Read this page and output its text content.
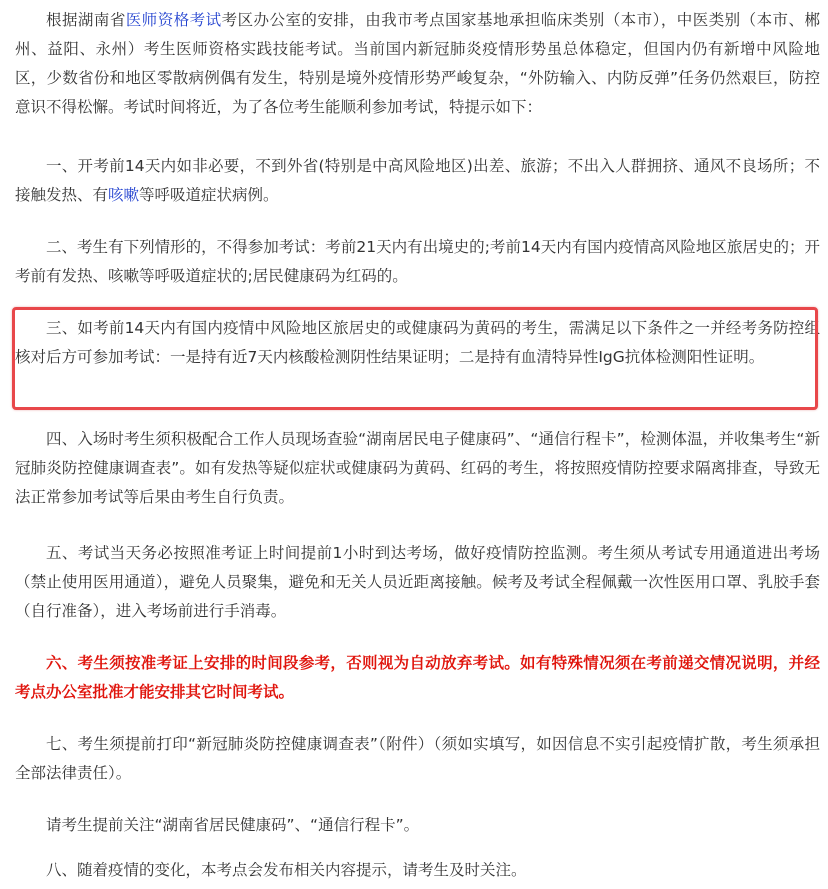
根据湖南省医师资格考试考区办公室的安排，由我市考点国家基地承担临床类别（本市），中医类别（本市、郴州、益阳、永州）考生医师资格实践技能考试。当前国内新冠肺炎疫情形势虽总体稳定，但国内仍有新增中风险地区，少数省份和地区零散病例偶有发生，特别是境外疫情形势严峻复杂，“外防输入、内防反弹”任务仍然艰巨，防控意识不得松懈。考试时间将近，为了各位考生能顺利参加考试，特提示如下：

一、开考前14天内如非必要，不到外省(特别是中高风险地区)出差、旅游；不出入人群拥挤、通风不良场所；不接触发热、有咳嗽等呼吸道症状病例。

二、考生有下列情形的，不得参加考试：考前21天内有出境史的;考前14天内有国内疫情高风险地区旅居史的；开考前有发热、咳嗽等呼吸道症状的;居民健康码为红码的。

三、如考前14天内有国内疫情中风险地区旅居史的或健康码为黄码的考生，需满足以下条件之一并经考务防控组核对后方可参加考试：一是持有近7天内核酸检测阴性结果证明；二是持有血清特异性IgG抗体检测阳性证明。

四、入场时考生须积极配合工作人员现场查验“湖南居民电子健康码”、“通信行程卡”，检测体温，并收集考生“新冠肺炎防控健康调查表”。如有发热等疑似症状或健康码为黄码、红码的考生，将按照疫情防控要求隔离排查，导致无法正常参加考试等后果由考生自行负责。

五、考试当天务必按照准考证上时间提前1小时到达考场，做好疫情防控监测。考生须从考试专用通道进出考场（禁止使用医用通道），避免人员聚集，避免和无关人员近距离接触。候考及考试全程佩戴一次性医用口罩、乳胶手套（自行准备），进入考场前进行手消毒。

六、考生须按准考证上安排的时间段参考，否则视为自动放弃考试。如有特殊情况须在考前递交情况说明，并经考点办公室批准才能安排其它时间考试。

七、考生须提前打印“新冠肺炎防控健康调查表”（附件）（须如实填写，如因信息不实引起疫情扩散，考生须承担全部法律责任）。

请考生提前关注“湖南省居民健康码”、“通信行程卡”。

八、随着疫情的变化，本考点会发布相关内容提示，请考生及时关注。
